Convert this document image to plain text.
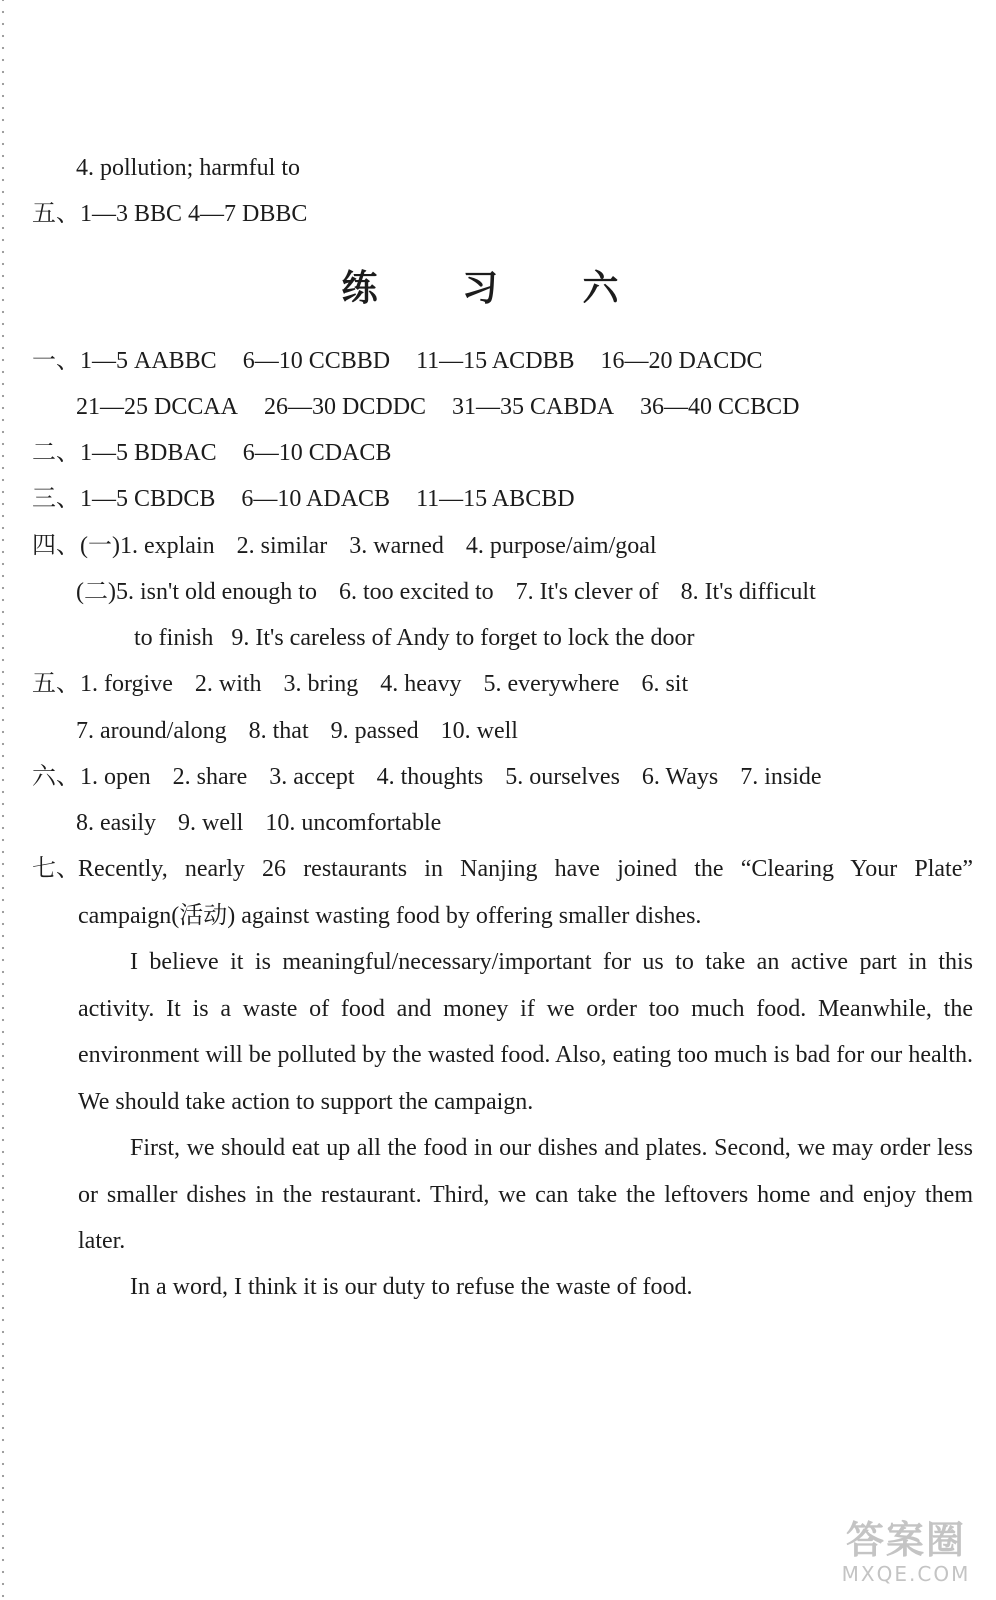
4. pollution; harmful to
五、1—3 BBC 4—7 DBBC
练 习 六
一、1—5 AABBC 6—10 CCBBD 11—15 ACDBB 16—20 DACDC
21—25 DCCAA 26—30 DCDDC 31—35 CABDA 36—40 CCBCD
二、1—5 BDBAC 6—10 CDACB
三、1—5 CBDCB 6—10 ADACB 11—15 ABCBD
四、(一)1. explain 2. similar 3. warned 4. purpose/aim/goal
(二)5. isn't old enough to 6. too excited to 7. It's clever of 8. It's difficult
to finish   9. It's careless of Andy to forget to lock the door
五、1. forgive 2. with 3. bring 4. heavy 5. everywhere 6. sit
7. around/along 8. that 9. passed 10. well
六、1. open 2. share 3. accept 4. thoughts 5. ourselves 6. Ways 7. inside
8. easily 9. well 10. uncomfortable
七、
Recently, nearly 26 restaurants in Nanjing have joined the “Clearing Your Plate” campaign(活动) against wasting food by offering smaller dishes.
I believe it is meaningful/necessary/important for us to take an active part in this activity. It is a waste of food and money if we order too much food. Meanwhile, the environment will be polluted by the wasted food. Also, eating too much is bad for our health. We should take action to support the campaign.
First, we should eat up all the food in our dishes and plates. Second, we may order less or smaller dishes in the restaurant. Third, we can take the leftovers home and enjoy them later.
In a word, I think it is our duty to refuse the waste of food.
答案圈
MXQE.COM
